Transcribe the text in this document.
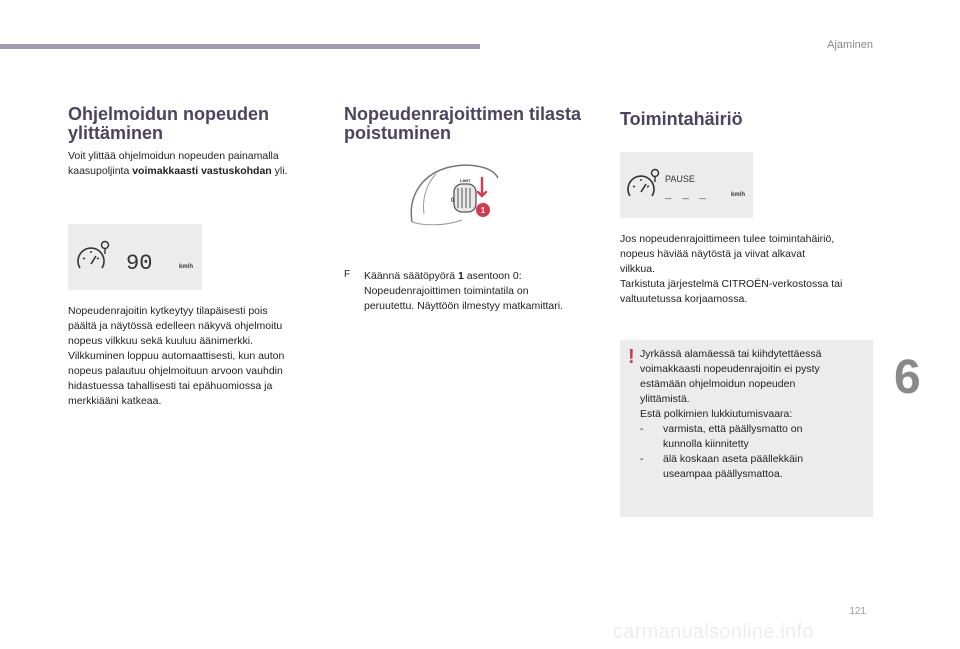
Ajaminen
6
121
carmanualsonline.info
Ohjelmoidun nopeuden
ylittäminen

Voit ylittää ohjelmoidun nopeuden painamalla
kaasupoljinta voimakkaasti vastuskohdan yli.

90	km/h

Nopeudenrajoitin kytkeytyy tilapäisesti pois
päältä ja näytössä edelleen näkyvä ohjelmoitu
nopeus vilkkuu sekä kuuluu äänimerkki.
Vilkkuminen loppuu automaattisesti, kun auton
nopeus palautuu ohjelmoituun arvoon vauhdin
hidastuessa tahallisesti tai epähuomiossa ja
merkkiääni katkeaa.

Nopeudenrajoittimen tilasta
poistuminen
LIMIT
0
1
F Käännä säätöpyörä 1 asentoon 0:
Nopeudenrajoittimen toimintatila on
peruutettu. Näyttöön ilmestyy matkamittari.

Toimintahäiriö
PAUSE
_ _ _	km/h

Jos nopeudenrajoittimeen tulee toimintahäiriö,
nopeus häviää näytöstä ja viivat alkavat
vilkkua.
Tarkistuta järjestelmä CITROËN-verkostossa tai
valtuutetussa korjaamossa.

! Jyrkässä alamäessä tai kiihdytettäessä
voimakkaasti nopeudenrajoitin ei pysty
estämään ohjelmoidun nopeuden
ylittämistä.
Estä polkimien lukkiutumisvaara:

- varmista, että päällysmatto on
kunnolla kiinnitetty
- älä koskaan aseta päällekkäin
useampaa päällysmattoa.
